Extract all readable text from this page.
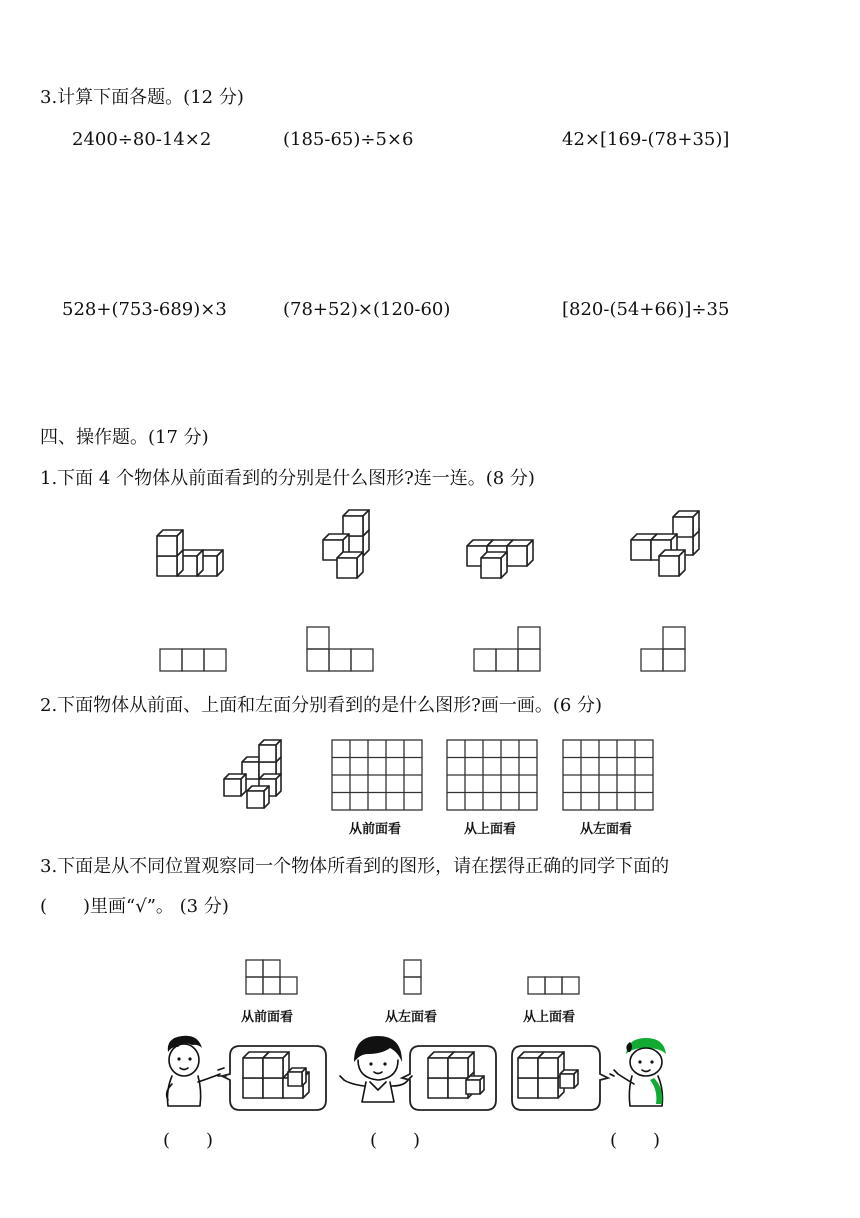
3.计算下面各题。(12 分)
2400÷80-14×2	(185-65)÷5×6	42×[169-(78+35)]
528+(753-689)×3	(78+52)×(120-60)	[820-(54+66)]÷35
四、操作题。(17 分)
1.下面 4 个物体从前面看到的分别是什么图形?连一连。(8 分)
2.下面物体从前面、上面和左面分别看到的是什么图形?画一画。(6 分)
3.下面是从不同位置观察同一个物体所看到的图形，请在摆得正确的同学下面的
(　　)里画“√”。 (3 分)
从前面看	从上面看	从左面看
从前面看	从左面看	从上面看
(　　)	(　　)	(　　)
